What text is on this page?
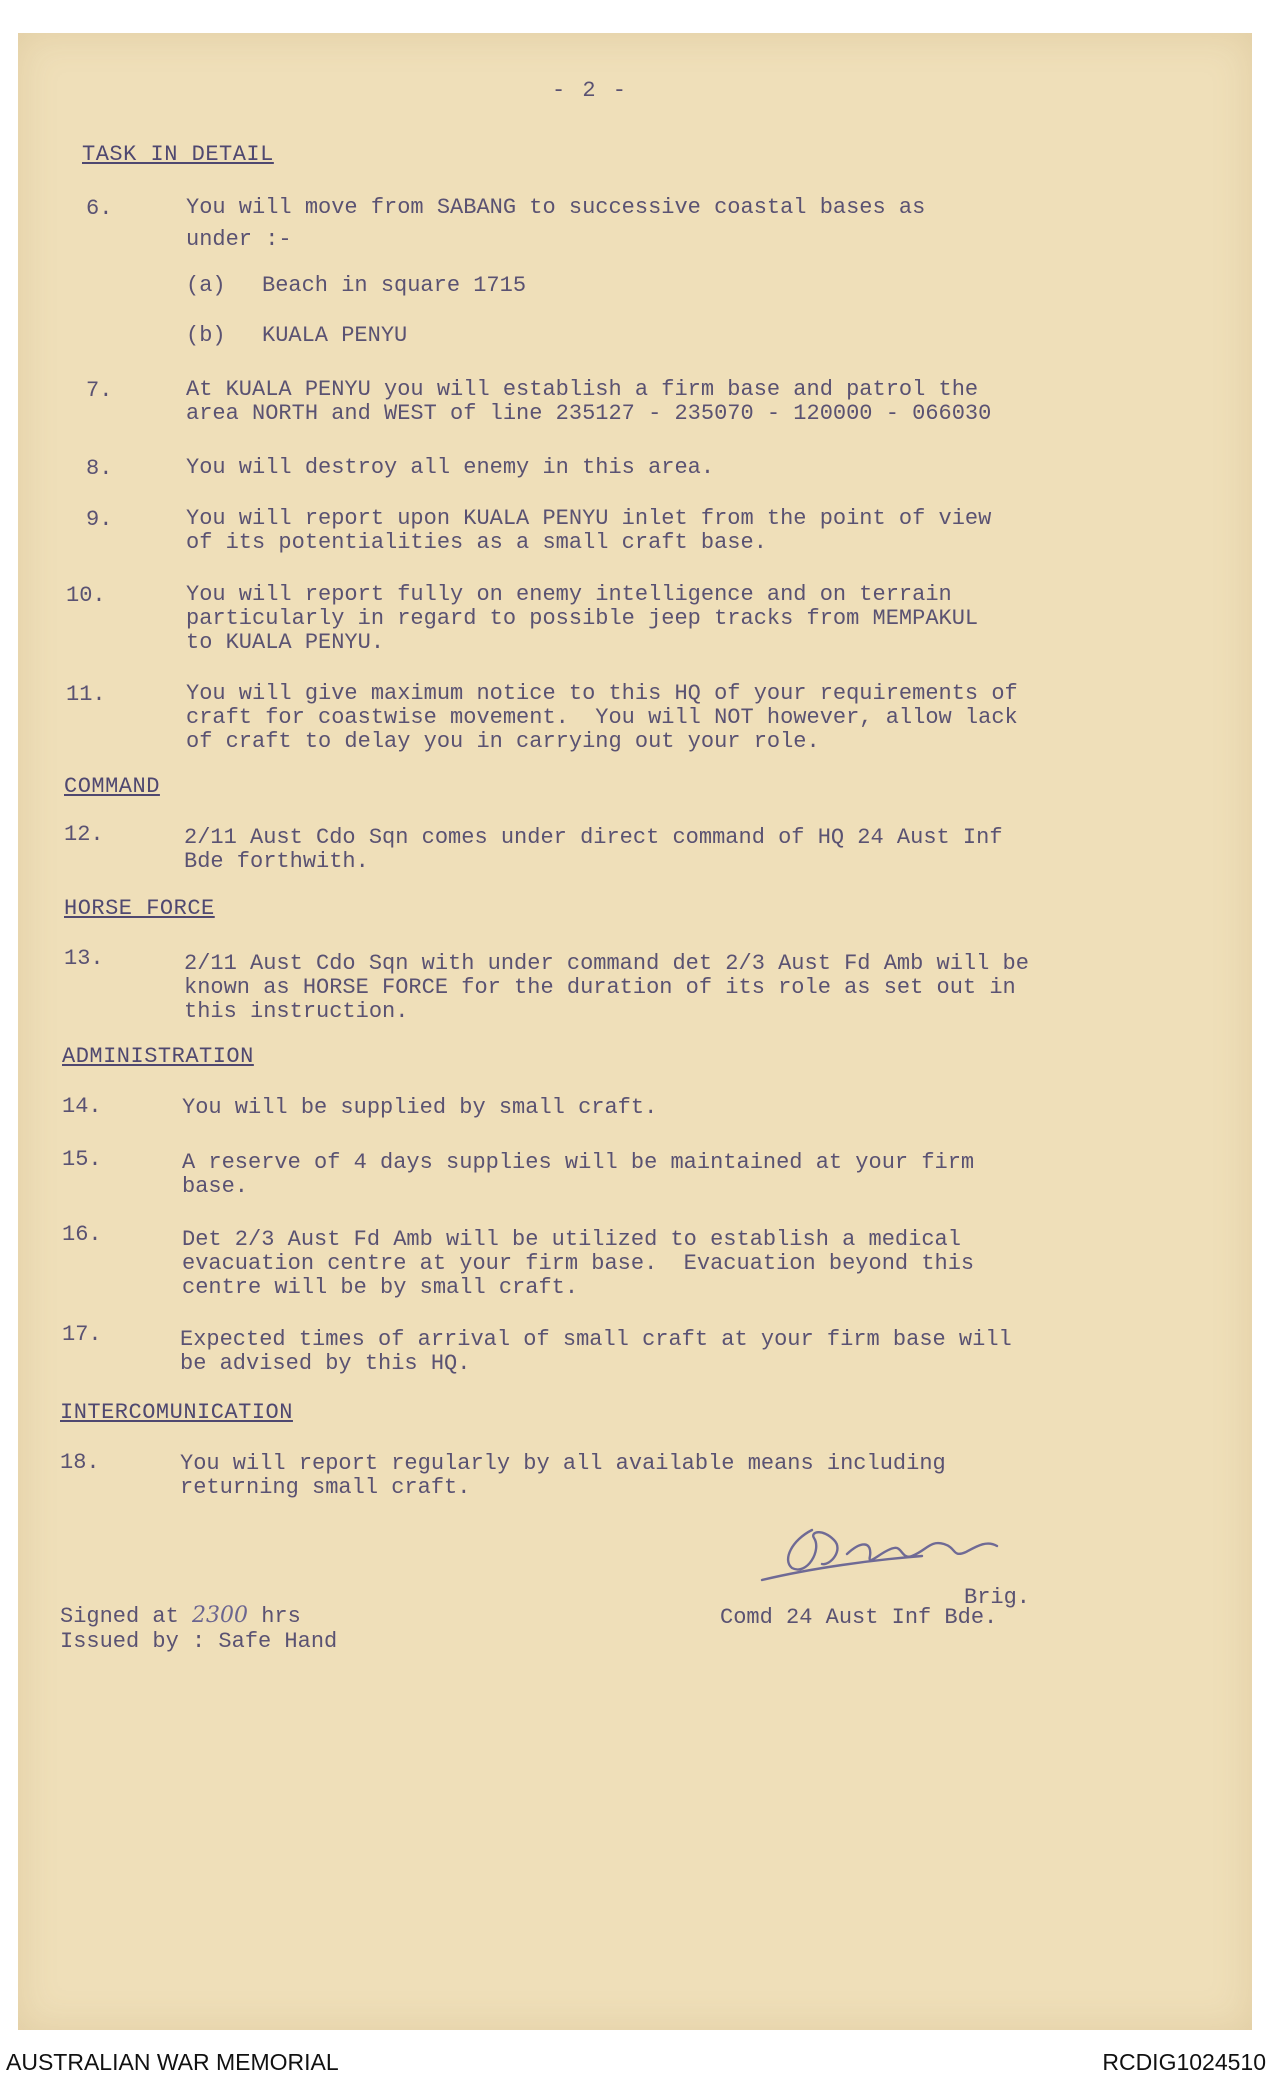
- 2 -
TASK IN DETAIL
6.	You will move from SABANG to successive coastal bases as
under :-
(a) Beach in square 1715
(b) KUALA PENYU
7.	At KUALA PENYU you will establish a firm base and patrol the
area NORTH and WEST of line 235127 - 235070 - 120000 - 066030
8.	You will destroy all enemy in this area.
9.	You will report upon KUALA PENYU inlet from the point of view
of its potentialities as a small craft base.
10.	You will report fully on enemy intelligence and on terrain
particularly in regard to possible jeep tracks from MEMPAKUL
to KUALA PENYU.
11.	You will give maximum notice to this HQ of your requirements of
craft for coastwise movement.  You will NOT however, allow lack
of craft to delay you in carrying out your role.
COMMAND
12.	2/11 Aust Cdo Sqn comes under direct command of HQ 24 Aust Inf
Bde forthwith.
HORSE FORCE
13.	2/11 Aust Cdo Sqn with under command det 2/3 Aust Fd Amb will be
known as HORSE FORCE for the duration of its role as set out in
this instruction.
ADMINISTRATION
14.	You will be supplied by small craft.
15.	A reserve of 4 days supplies will be maintained at your firm
base.
16.	Det 2/3 Aust Fd Amb will be utilized to establish a medical
evacuation centre at your firm base.  Evacuation beyond this
centre will be by small craft.
17.	Expected times of arrival of small craft at your firm base will
be advised by this HQ.
INTERCOMUNICATION
18.	You will report regularly by all available means including
returning small craft.
Brig.
Comd 24 Aust Inf Bde.
Signed at 2300 hrs
Issued by : Safe Hand
AUSTRALIAN WAR MEMORIAL	RCDIG1024510
